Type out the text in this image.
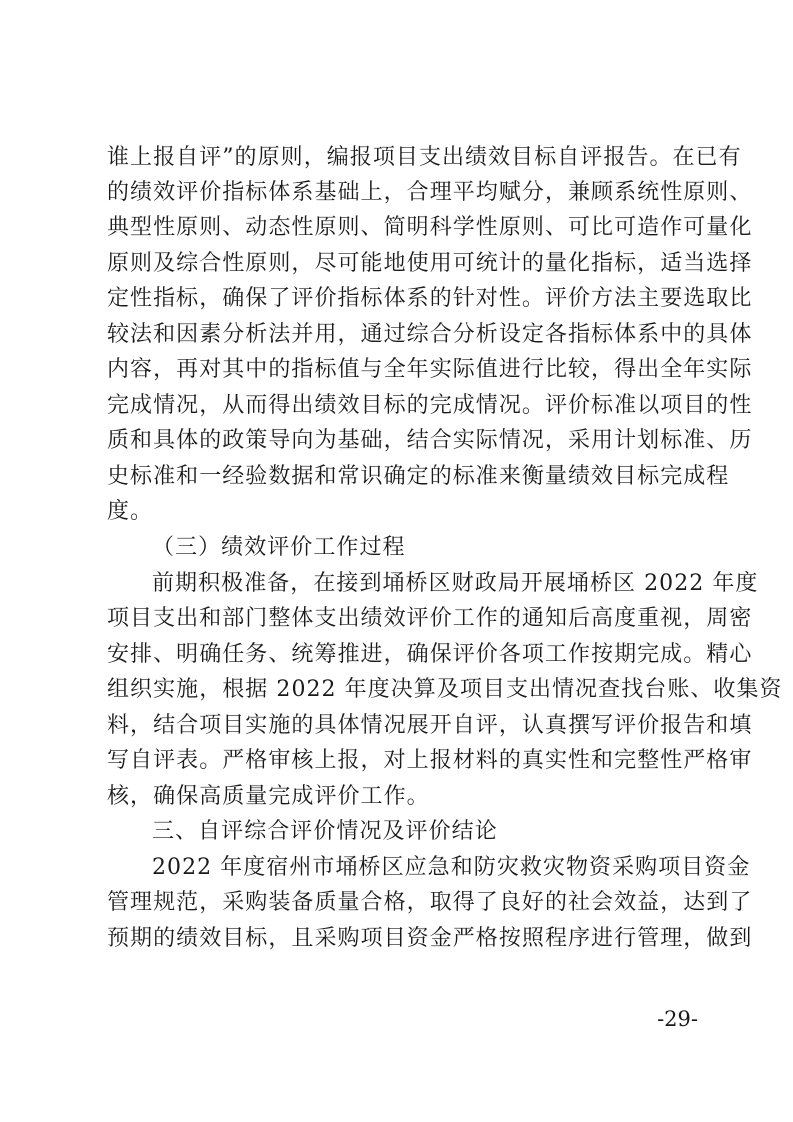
谁上报自评”的原则，编报项目支出绩效目标自评报告。在已有
的绩效评价指标体系基础上，合理平均赋分，兼顾系统性原则、
典型性原则、动态性原则、简明科学性原则、可比可造作可量化
原则及综合性原则，尽可能地使用可统计的量化指标，适当选择
定性指标，确保了评价指标体系的针对性。评价方法主要选取比
较法和因素分析法并用，通过综合分析设定各指标体系中的具体
内容，再对其中的指标值与全年实际值进行比较，得出全年实际
完成情况，从而得出绩效目标的完成情况。评价标准以项目的性
质和具体的政策导向为基础，结合实际情况，采用计划标准、历
史标准和一经验数据和常识确定的标准来衡量绩效目标完成程
度。
（三）绩效评价工作过程
前期积极准备，在接到埇桥区财政局开展埇桥区 2022 年度
项目支出和部门整体支出绩效评价工作的通知后高度重视，周密
安排、明确任务、统筹推进，确保评价各项工作按期完成。精心
组织实施，根据 2022 年度决算及项目支出情况查找台账、收集资
料，结合项目实施的具体情况展开自评，认真撰写评价报告和填
写自评表。严格审核上报，对上报材料的真实性和完整性严格审
核，确保高质量完成评价工作。
三、自评综合评价情况及评价结论
2022 年度宿州市埇桥区应急和防灾救灾物资采购项目资金
管理规范，采购装备质量合格，取得了良好的社会效益，达到了
预期的绩效目标，且采购项目资金严格按照程序进行管理，做到
-29-
